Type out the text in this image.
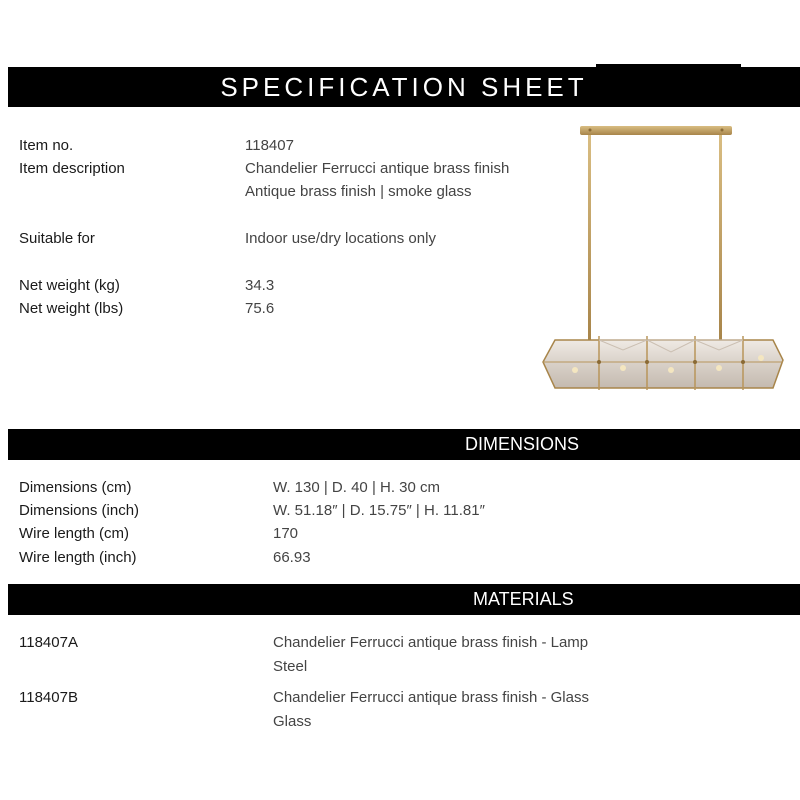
SPECIFICATION SHEET
Item no.	118407
Item description	Chandelier Ferrucci antique brass finish
Antique brass finish | smoke glass
Suitable for	Indoor use/dry locations only
Net weight (kg)	34.3
Net weight (lbs)	75.6
DIMENSIONS
Dimensions (cm)	W. 130 | D. 40 | H. 30 cm
Dimensions (inch)	W. 51.18″ | D. 15.75″ | H. 11.81″
Wire length (cm)	170
Wire length (inch)	66.93
MATERIALS
118407A	Chandelier Ferrucci antique brass finish - Lamp
Steel
118407B	Chandelier Ferrucci antique brass finish - Glass
Glass
